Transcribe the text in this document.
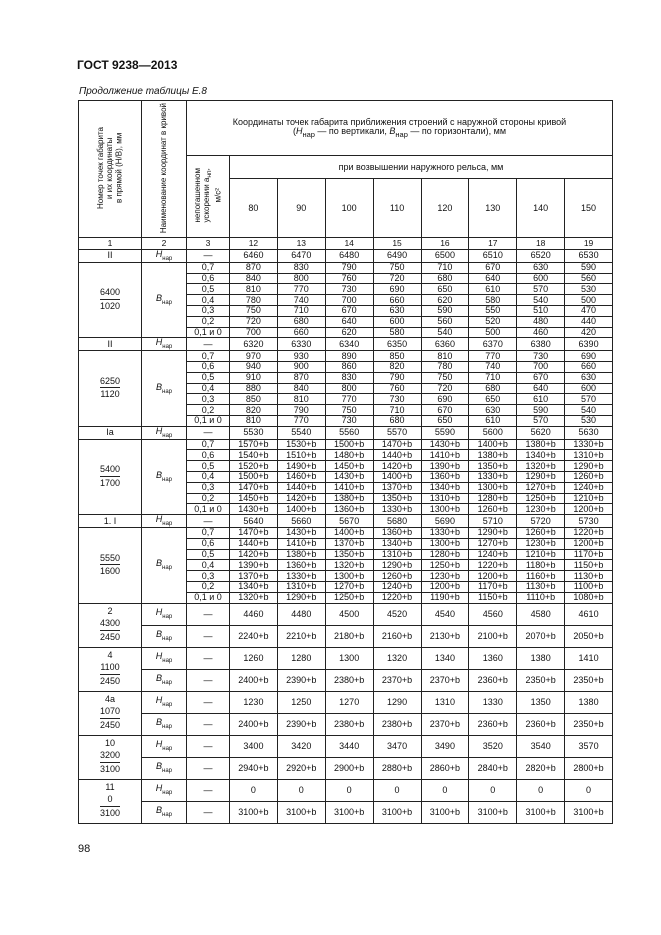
ГОСТ 9238—2013
Продолжение таблицы Е.8
Номер точек габарита
и их координаты
в прямой (H/B), мм	Наименование координат в кривой	Координаты точек габарита приближения строений с наружной стороны кривой
($H_{нар}$ — по вертикали, $B_{нар}$ — по горизонтали), мм								
		непогашенном
ускорении $a_{нп}$,
м/с²	при возвышении наружного рельса, мм							
			80	90	100	110	120	130	140	150
1	2	3	12	13	14	15	16	17	18	19
II	$H_{нар}$	—	6460	6470	6480	6490	6500	6510	6520	6530

$\frac{6400}{1020}$	$B_{нар}$	0,7	870	830	790	750	710	670	630	590
		0,6	840	800	760	720	680	640	600	560
		0,5	810	770	730	690	650	610	570	530
		0,4	780	740	700	660	620	580	540	500
		0,3	750	710	670	630	590	550	510	470
		0,2	720	680	640	600	560	520	480	440
		0,1 и 0	700	660	620	580	540	500	460	420
II	$H_{нар}$	—	6320	6330	6340	6350	6360	6370	6380	6390

$\frac{6250}{1120}$	$B_{нар}$	0,7	970	930	890	850	810	770	730	690
		0,6	940	900	860	820	780	740	700	660
		0,5	910	870	830	790	750	710	670	630
		0,4	880	840	800	760	720	680	640	600
		0,3	850	810	770	730	690	650	610	570
		0,2	820	790	750	710	670	630	590	540
		0,1 и 0	810	770	730	680	650	610	570	530
Ia	$H_{нар}$	—	5530	5540	5560	5570	5590	5600	5620	5630

$\frac{5400}{1700}$	$B_{нар}$	0,7	1570+b	1530+b	1500+b	1470+b	1430+b	1400+b	1380+b	1330+b
		0,6	1540+b	1510+b	1480+b	1440+b	1410+b	1380+b	1340+b	1310+b
		0,5	1520+b	1490+b	1450+b	1420+b	1390+b	1350+b	1320+b	1290+b
		0,4	1500+b	1460+b	1430+b	1400+b	1360+b	1330+b	1290+b	1260+b
		0,3	1470+b	1440+b	1410+b	1370+b	1340+b	1300+b	1270+b	1240+b
		0,2	1450+b	1420+b	1380+b	1350+b	1310+b	1280+b	1250+b	1210+b
		0,1 и 0	1430+b	1400+b	1360+b	1330+b	1300+b	1260+b	1230+b	1200+b
1. I	$H_{нар}$	—	5640	5660	5670	5680	5690	5710	5720	5730

$\frac{5550}{1600}$	$B_{нар}$	0,7	1470+b	1430+b	1400+b	1360+b	1330+b	1290+b	1260+b	1220+b
		0,6	1440+b	1410+b	1370+b	1340+b	1300+b	1270+b	1230+b	1200+b
		0,5	1420+b	1380+b	1350+b	1310+b	1280+b	1240+b	1210+b	1170+b
		0,4	1390+b	1360+b	1320+b	1290+b	1250+b	1220+b	1180+b	1150+b
		0,3	1370+b	1330+b	1300+b	1260+b	1230+b	1200+b	1160+b	1130+b
		0,2	1340+b	1310+b	1270+b	1240+b	1200+b	1170+b	1130+b	1100+b
		0,1 и 0	1320+b	1290+b	1250+b	1220+b	1190+b	1150+b	1110+b	1080+b

2
4300
2450	$H_{нар}$	—	4460	4480	4500	4520	4540	4560	4580	4610
	$B_{нар}$	—	2240+b	2210+b	2180+b	2160+b	2130+b	2100+b	2070+b	2050+b

4
1100
2450	$H_{нар}$	—	1260	1280	1300	1320	1340	1360	1380	1410
	$B_{нар}$	—	2400+b	2390+b	2380+b	2370+b	2370+b	2360+b	2350+b	2350+b

4a
1070
2450	$H_{нар}$	—	1230	1250	1270	1290	1310	1330	1350	1380
	$B_{нар}$	—	2400+b	2390+b	2380+b	2380+b	2370+b	2360+b	2360+b	2350+b

10
3200
3100	$H_{нар}$	—	3400	3420	3440	3470	3490	3520	3540	3570
	$B_{нар}$	—	2940+b	2920+b	2900+b	2880+b	2860+b	2840+b	2820+b	2800+b

11
0
3100	$H_{нар}$	—	0	0	0	0	0	0	0	0
	$B_{нар}$	—	3100+b	3100+b	3100+b	3100+b	3100+b	3100+b	3100+b	3100+b
98
